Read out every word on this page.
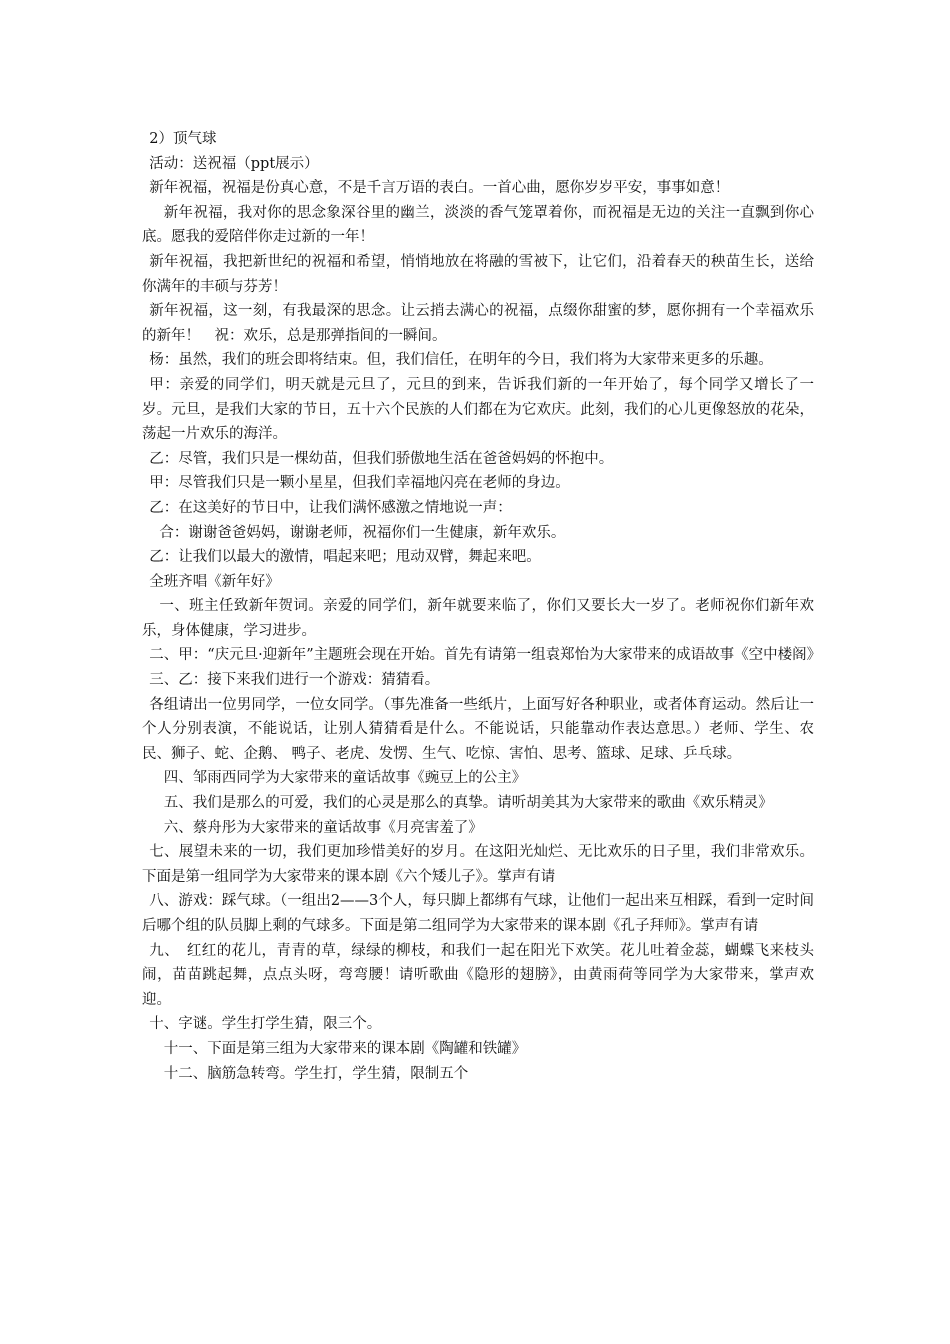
2）顶气球

活动：送祝福（ppt展示）

新年祝福，祝福是份真心意，不是千言万语的表白。一首心曲，愿你岁岁平安，事事如意！

新年祝福，我对你的思念象深谷里的幽兰，淡淡的香气笼罩着你，而祝福是无边的关注一直飘到你心底。愿我的爱陪伴你走过新的一年！

新年祝福，我把新世纪的祝福和希望，悄悄地放在将融的雪被下，让它们，沿着春天的秧苗生长，送给你满年的丰硕与芬芳！

新年祝福，这一刻，有我最深的思念。让云捎去满心的祝福，点缀你甜蜜的梦，愿你拥有一个幸福欢乐的新年！　祝：欢乐，总是那弹指间的一瞬间。

杨：虽然，我们的班会即将结束。但，我们信任，在明年的今日，我们将为大家带来更多的乐趣。

甲：亲爱的同学们，明天就是元旦了，元旦的到来，告诉我们新的一年开始了，每个同学又增长了一岁。元旦，是我们大家的节日，五十六个民族的人们都在为它欢庆。此刻，我们的心儿更像怒放的花朵，荡起一片欢乐的海洋。

乙：尽管，我们只是一棵幼苗，但我们骄傲地生活在爸爸妈妈的怀抱中。

甲：尽管我们只是一颗小星星，但我们幸福地闪亮在老师的身边。

乙：在这美好的节日中，让我们满怀感激之情地说一声：

合：谢谢爸爸妈妈，谢谢老师，祝福你们一生健康，新年欢乐。

乙：让我们以最大的激情，唱起来吧；甩动双臂，舞起来吧。

全班齐唱《新年好》

一、班主任致新年贺词。亲爱的同学们，新年就要来临了，你们又要长大一岁了。老师祝你们新年欢乐，身体健康，学习进步。

二、甲：“庆元旦·迎新年”主题班会现在开始。首先有请第一组袁郑怡为大家带来的成语故事《空中楼阁》

三、乙：接下来我们进行一个游戏：猜猜看。

各组请出一位男同学，一位女同学。（事先准备一些纸片，上面写好各种职业，或者体育运动。然后让一个人分别表演，不能说话，让别人猜猜看是什么。不能说话，只能靠动作表达意思。）老师、学生、农民、狮子、蛇、企鹅、 鸭子、老虎、发愣、生气、吃惊、害怕、思考、篮球、足球、乒乓球。

四、邹雨西同学为大家带来的童话故事《豌豆上的公主》

五、我们是那么的可爱，我们的心灵是那么的真挚。请听胡美其为大家带来的歌曲《欢乐精灵》

六、蔡舟彤为大家带来的童话故事《月亮害羞了》

七、展望未来的一切，我们更加珍惜美好的岁月。在这阳光灿烂、无比欢乐的日子里，我们非常欢乐。下面是第一组同学为大家带来的课本剧《六个矮儿子》。掌声有请

八、游戏：踩气球。（一组出2——3个人，每只脚上都绑有气球，让他们一起出来互相踩，看到一定时间后哪个组的队员脚上剩的气球多。下面是第二组同学为大家带来的课本剧《孔子拜师》。掌声有请

九、　红红的花儿，青青的草，绿绿的柳枝，和我们一起在阳光下欢笑。花儿吐着金蕊，蝴蝶飞来枝头闹，苗苗跳起舞，点点头呀，弯弯腰！请听歌曲《隐形的翅膀》，由黄雨荷等同学为大家带来，掌声欢迎。

十、字谜。学生打学生猜，限三个。

十一、下面是第三组为大家带来的课本剧《陶罐和铁罐》

十二、脑筋急转弯。学生打，学生猜，限制五个
